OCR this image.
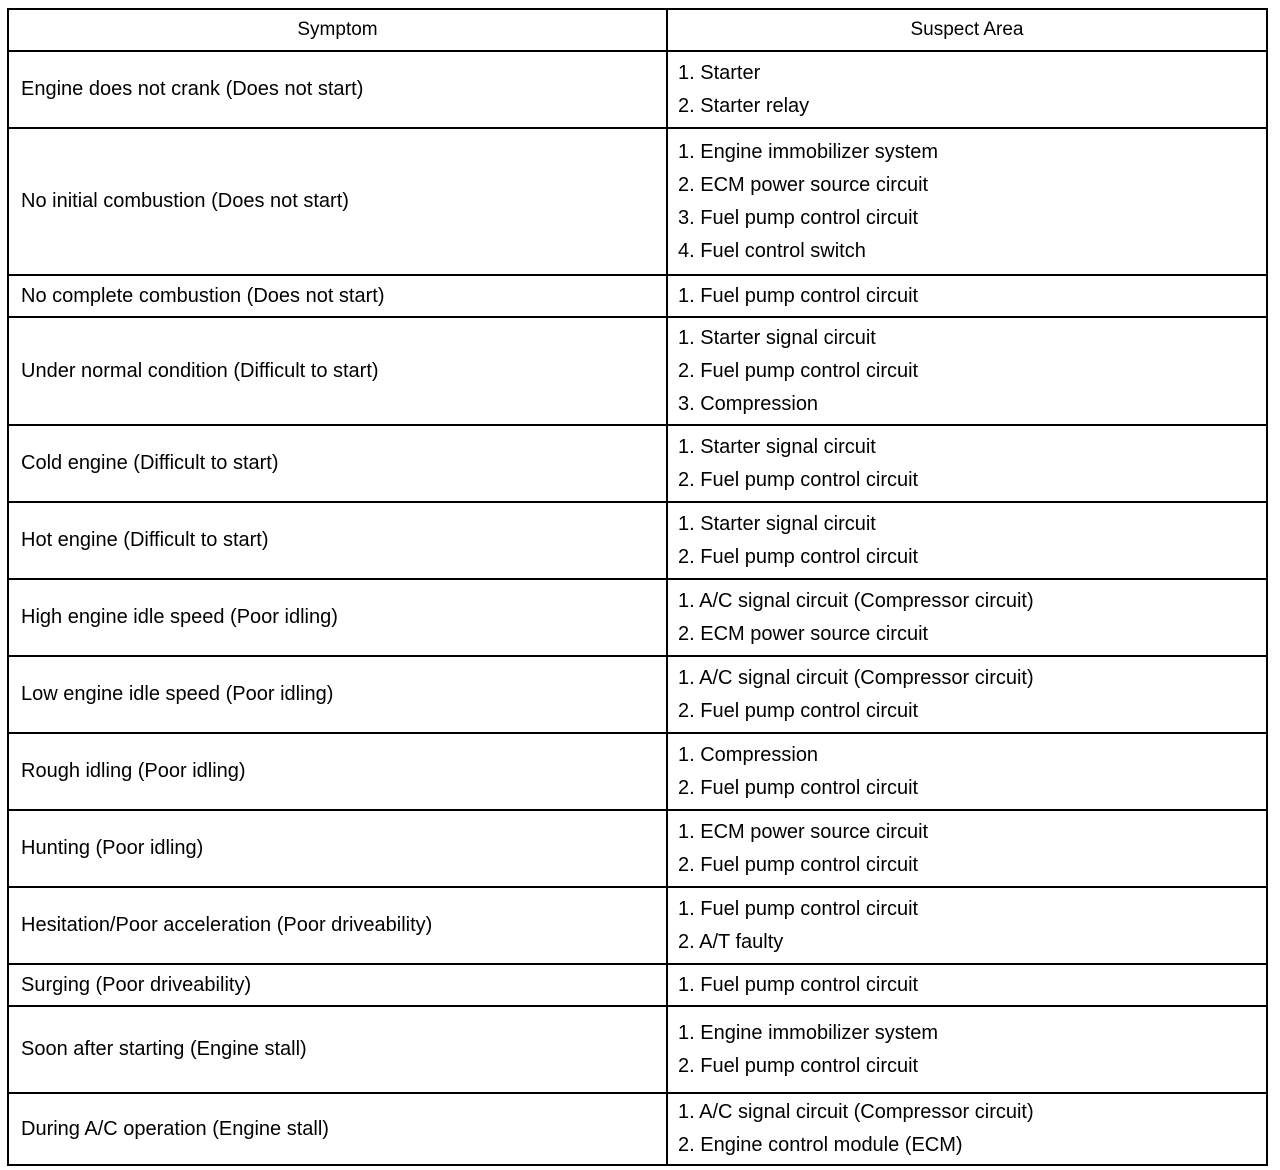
Symptom	Suspect Area
Engine does not crank (Does not start)	1. Starter
2. Starter relay

No initial combustion (Does not start)	1. Engine immobilizer system
2. ECM power source circuit
3. Fuel pump control circuit
4. Fuel control switch

No complete combustion (Does not start)	1. Fuel pump control circuit

Under normal condition (Difficult to start)	1. Starter signal circuit
2. Fuel pump control circuit
3. Compression

Cold engine (Difficult to start)	1. Starter signal circuit
2. Fuel pump control circuit

Hot engine (Difficult to start)	1. Starter signal circuit
2. Fuel pump control circuit

High engine idle speed (Poor idling)	1. A/C signal circuit (Compressor circuit)
2. ECM power source circuit

Low engine idle speed (Poor idling)	1. A/C signal circuit (Compressor circuit)
2. Fuel pump control circuit

Rough idling (Poor idling)	1. Compression
2. Fuel pump control circuit

Hunting (Poor idling)	1. ECM power source circuit
2. Fuel pump control circuit

Hesitation/Poor acceleration (Poor driveability)	1. Fuel pump control circuit
2. A/T faulty

Surging (Poor driveability)	1. Fuel pump control circuit

Soon after starting (Engine stall)	1. Engine immobilizer system
2. Fuel pump control circuit

During A/C operation (Engine stall)	1. A/C signal circuit (Compressor circuit)
2. Engine control module (ECM)
